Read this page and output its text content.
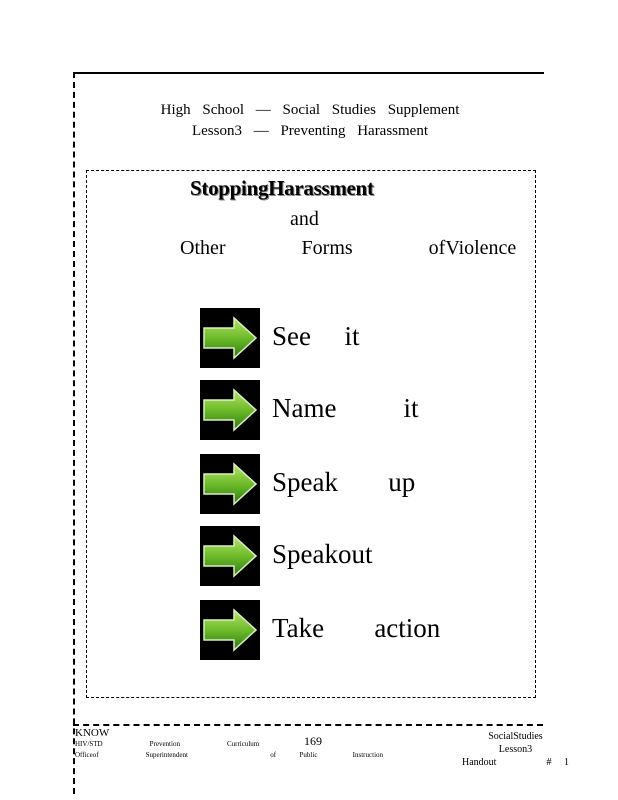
High School — Social Studies Supplement
Lesson3 — Preventing Harassment
StoppingHarassment
and
Other    Forms    ofViolence
See  it
Name    it
Speak   up
Speakout
Take   action
KNOW
HIV/STD    Prevention    Curriculum
Officeof    Superintendent       of  Public   Instruction
169	SocialStudies
Lesson3
Handout    # 1
